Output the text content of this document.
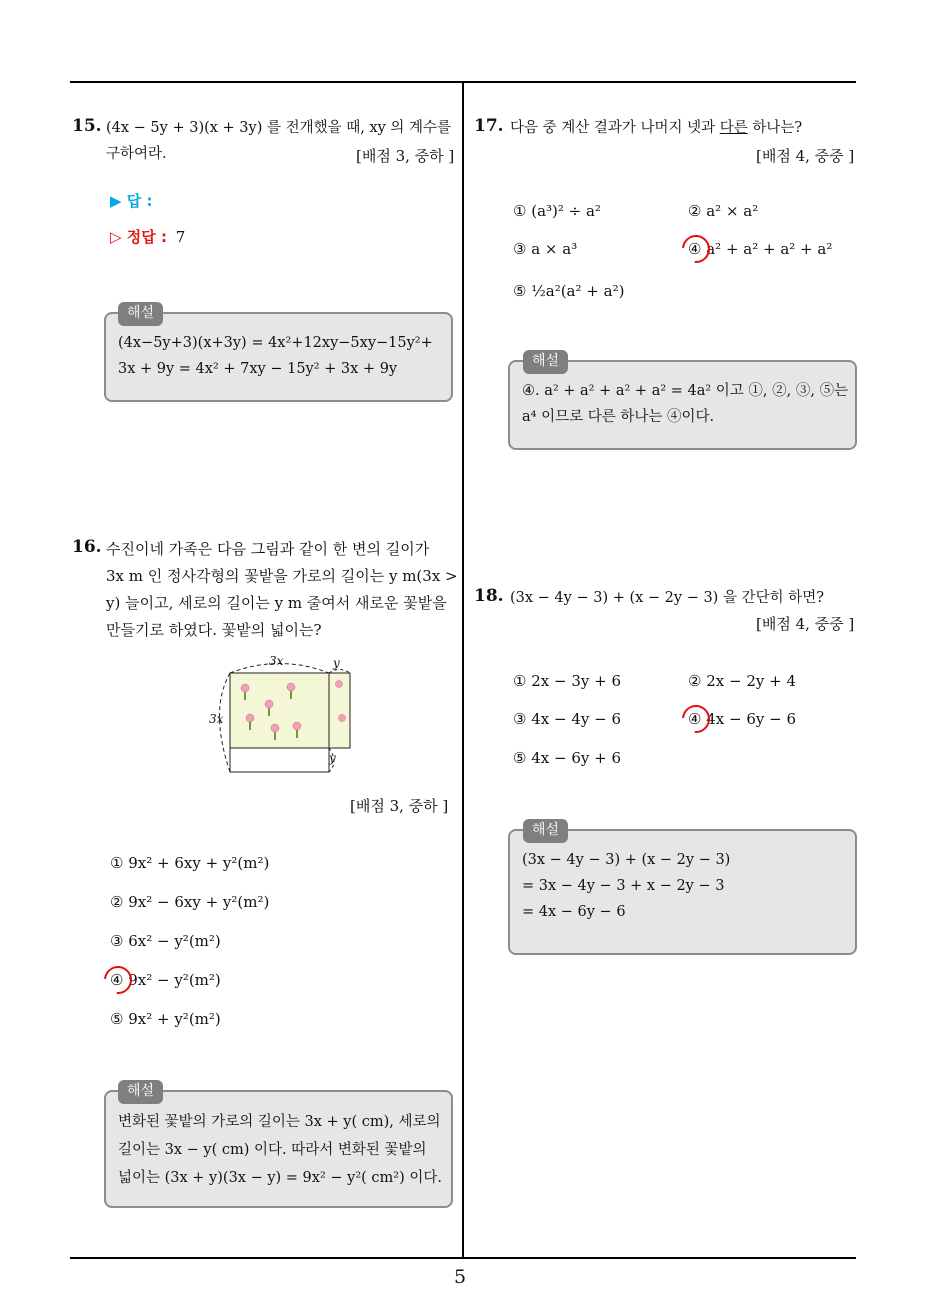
5
15. (4x − 5y + 3)(x + 3y) 를 전개했을 때, xy 의 계수를
구하여라.	[배점 3, 중하 ]
▶ 답 :
▷ 정답 : 7
(4x−5y+3)(x+3y) = 4x²+12xy−5xy−15y²+
3x + 9y = 4x² + 7xy − 15y² + 3x + 9y
해설
16. 수진이네 가족은 다음 그림과 같이 한 변의 길이가
3x m 인 정사각형의 꽃밭을 가로의 길이는 y m(3x >
y) 늘이고, 세로의 길이는 y m 줄여서 새로운 꽃밭을
만들기로 하였다. 꽃밭의 넓이는?
3x	y
3x
y
[배점 3, 중하 ]
① 9x² + 6xy + y²(m²)
② 9x² − 6xy + y²(m²)
③ 6x² − y²(m²)
④ 9x² − y²(m²)
⑤ 9x² + y²(m²)
변화된 꽃밭의 가로의 길이는 3x + y( cm), 세로의
길이는 3x − y( cm) 이다. 따라서 변화된 꽃밭의
넓이는 (3x + y)(3x − y) = 9x² − y²( cm²) 이다.
해설
17. 다음 중 계산 결과가 나머지 넷과 다른 하나는?
[배점 4, 중중 ]
① (a³)² ÷ a²	② a² × a²
③ a × a³	④ a² + a² + a² + a²
⑤ ½a²(a² + a²)
④. a² + a² + a² + a² = 4a² 이고 ①, ②, ③, ⑤는
a⁴ 이므로 다른 하나는 ④이다.
해설
18. (3x − 4y − 3) + (x − 2y − 3) 을 간단히 하면?
[배점 4, 중중 ]
① 2x − 3y + 6	② 2x − 2y + 4
③ 4x − 4y − 6	④ 4x − 6y − 6
⑤ 4x − 6y + 6
(3x − 4y − 3) + (x − 2y − 3)
= 3x − 4y − 3 + x − 2y − 3
= 4x − 6y − 6
해설
